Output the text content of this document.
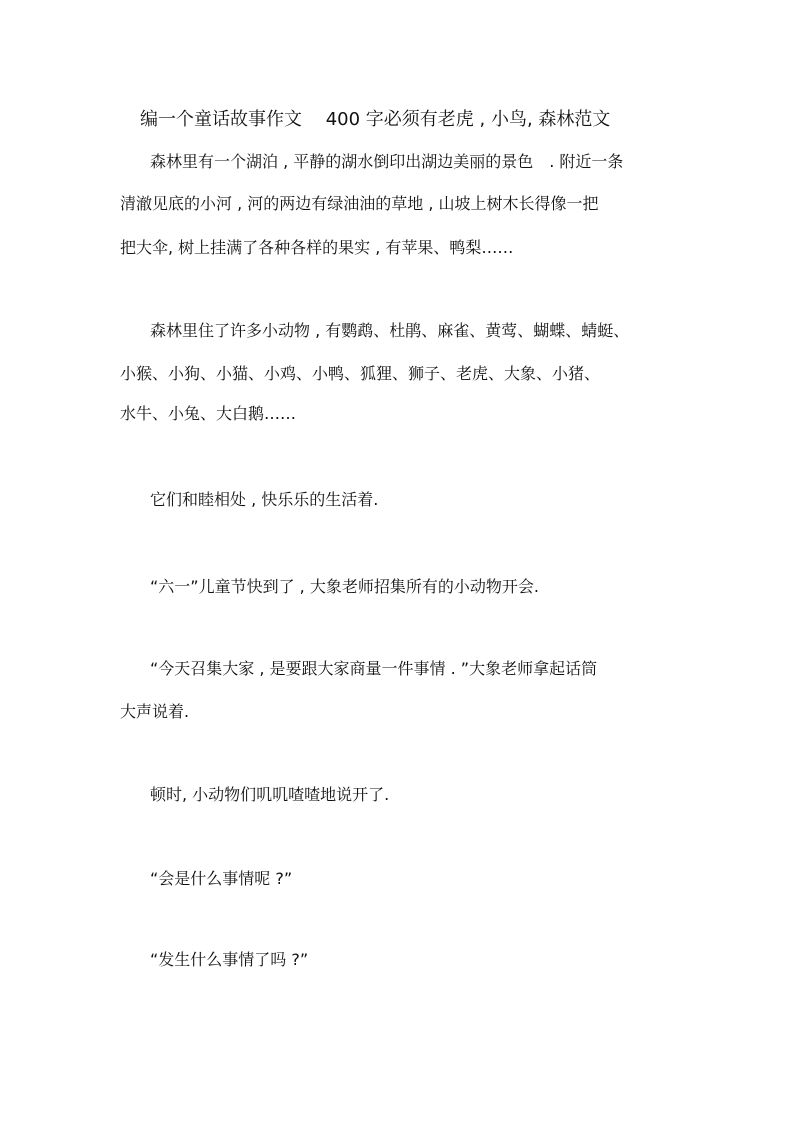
编一个童话故事作文　 400 字必须有老虎 , 小鸟, 森林范文
森林里有一个湖泊 , 平静的湖水倒印出湖边美丽的景色　. 附近一条
清澈见底的小河 , 河的两边有绿油油的草地 , 山坡上树木长得像一把
把大伞, 树上挂满了各种各样的果实 , 有苹果、鸭梨……
森林里住了许多小动物 , 有鹦鹉、杜鹃、麻雀、黄莺、蝴蝶、蜻蜓、
小猴、小狗、小猫、小鸡、小鸭、狐狸、狮子、老虎、大象、小猪、
水牛、小兔、大白鹅……
它们和睦相处 , 快乐乐的生活着.
“六一”儿童节快到了 , 大象老师招集所有的小动物开会.
“今天召集大家 , 是要跟大家商量一件事情 . ”大象老师拿起话筒
大声说着.
顿时, 小动物们叽叽喳喳地说开了.
“会是什么事情呢 ?”
“发生什么事情了吗 ?”
